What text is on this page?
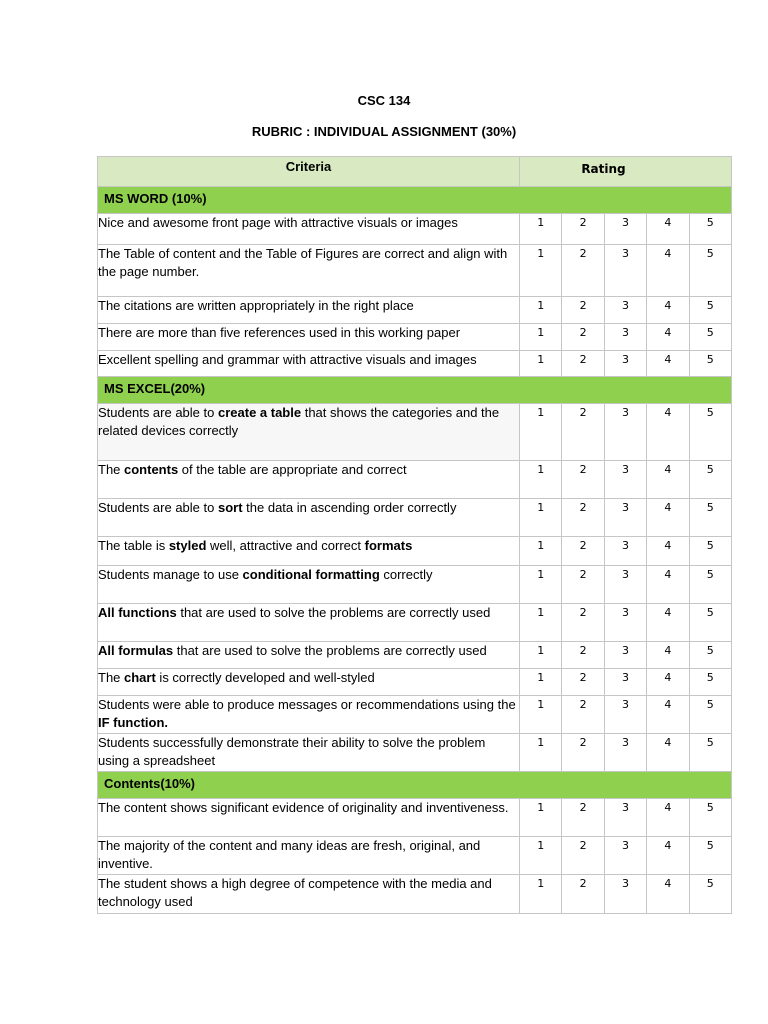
CSC 134
RUBRIC : INDIVIDUAL ASSIGNMENT (30%)
Criteria	Rating				
MS WORD (10%)					
Nice and awesome front page with attractive visuals or images	1	2	3	4	5
The Table of content and the Table of Figures are correct and align with the page number.	1	2	3	4	5
The citations are written appropriately in the right place	1	2	3	4	5
There are more than five references used in this working paper	1	2	3	4	5
Excellent spelling and grammar with attractive visuals and images	1	2	3	4	5
MS EXCEL(20%)					
Students are able to create a table that shows the categories and the related devices correctly	1	2	3	4	5
The contents of the table are appropriate and correct	1	2	3	4	5
Students are able to sort the data in ascending order correctly	1	2	3	4	5
The table is styled well, attractive and correct formats	1	2	3	4	5
Students manage to use conditional formatting correctly	1	2	3	4	5
All functions that are used to solve the problems are correctly used	1	2	3	4	5
All formulas that are used to solve the problems are correctly used	1	2	3	4	5
The chart is correctly developed and well-styled	1	2	3	4	5
Students were able to produce messages or recommendations using the IF function.	1	2	3	4	5
Students successfully demonstrate their ability to solve the problem using a spreadsheet	1	2	3	4	5
Contents(10%)					
The content shows significant evidence of originality and inventiveness.	1	2	3	4	5
The majority of the content and many ideas are fresh, original, and inventive.	1	2	3	4	5
The student shows a high degree of competence with the media and technology used	1	2	3	4	5
